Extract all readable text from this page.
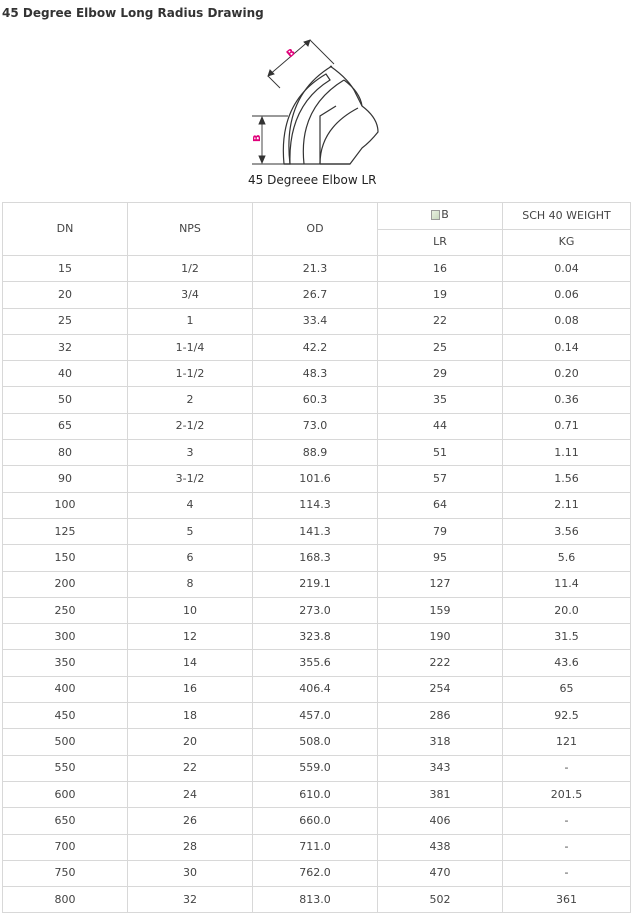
45 Degree Elbow Long Radius Drawing
B
B

45 Degreee Elbow LR

DN	NPS	OD	B	SCH 40 WEIGHT
			LR	KG
15	1/2	21.3	16	0.04
20	3/4	26.7	19	0.06
25	1	33.4	22	0.08
32	1-1/4	42.2	25	0.14
40	1-1/2	48.3	29	0.20
50	2	60.3	35	0.36
65	2-1/2	73.0	44	0.71
80	3	88.9	51	1.11
90	3-1/2	101.6	57	1.56
100	4	114.3	64	2.11
125	5	141.3	79	3.56
150	6	168.3	95	5.6
200	8	219.1	127	11.4
250	10	273.0	159	20.0
300	12	323.8	190	31.5
350	14	355.6	222	43.6
400	16	406.4	254	65
450	18	457.0	286	92.5
500	20	508.0	318	121
550	22	559.0	343	-
600	24	610.0	381	201.5
650	26	660.0	406	-
700	28	711.0	438	-
750	30	762.0	470	-
800	32	813.0	502	361
